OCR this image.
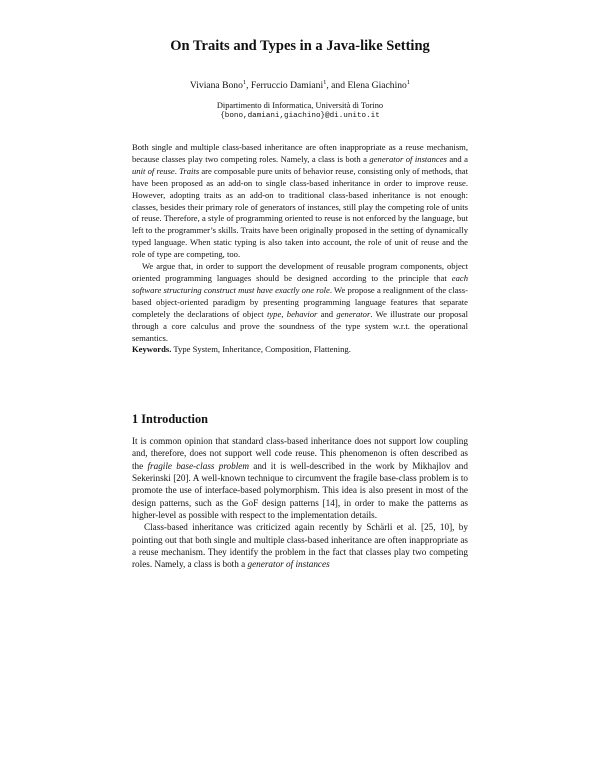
On Traits and Types in a Java-like Setting
Viviana Bono$^1$, Ferruccio Damiani$^1$, and Elena Giachino$^1$
Dipartimento di Informatica, Università di Torino
{bono,damiani,giachino}@di.unito.it

Both single and multiple class-based inheritance are often inappropriate as a reuse mechanism, because classes play two competing roles. Namely, a class is both a generator of instances and a unit of reuse. Traits are composable pure units of behavior reuse, consisting only of methods, that have been proposed as an add-on to single class-based inheritance in order to improve reuse. However, adopting traits as an add-on to traditional class-based inheritance is not enough: classes, besides their primary role of generators of instances, still play the competing role of units of reuse. Therefore, a style of programming oriented to reuse is not enforced by the language, but left to the programmer’s skills. Traits have been originally proposed in the setting of dynamically typed language. When static typing is also taken into account, the role of unit of reuse and the role of type are competing, too.

We argue that, in order to support the development of reusable program components, object oriented programming languages should be designed according to the principle that each software structuring construct must have exactly one role. We propose a realignment of the class-based object-oriented paradigm by presenting programming language features that separate completely the declarations of object type, behavior and generator. We illustrate our proposal through a core calculus and prove the soundness of the type system w.r.t. the operational semantics.

Keywords. Type System, Inheritance, Composition, Flattening.

1 Introduction

It is common opinion that standard class-based inheritance does not support low coupling and, therefore, does not support well code reuse. This phenomenon is often described as the fragile base-class problem and it is well-described in the work by Mikhajlov and Sekerinski [20]. A well-known technique to circumvent the fragile base-class problem is to promote the use of interface-based polymorphism. This idea is also present in most of the design patterns, such as the GoF design patterns [14], in order to make the patterns as higher-level as possible with respect to the implementation details.

Class-based inheritance was criticized again recently by Schärli et al. [25, 10], by pointing out that both single and multiple class-based inheritance are often inappropriate as a reuse mechanism. They identify the problem in the fact that classes play two competing roles. Namely, a class is both a generator of instances
